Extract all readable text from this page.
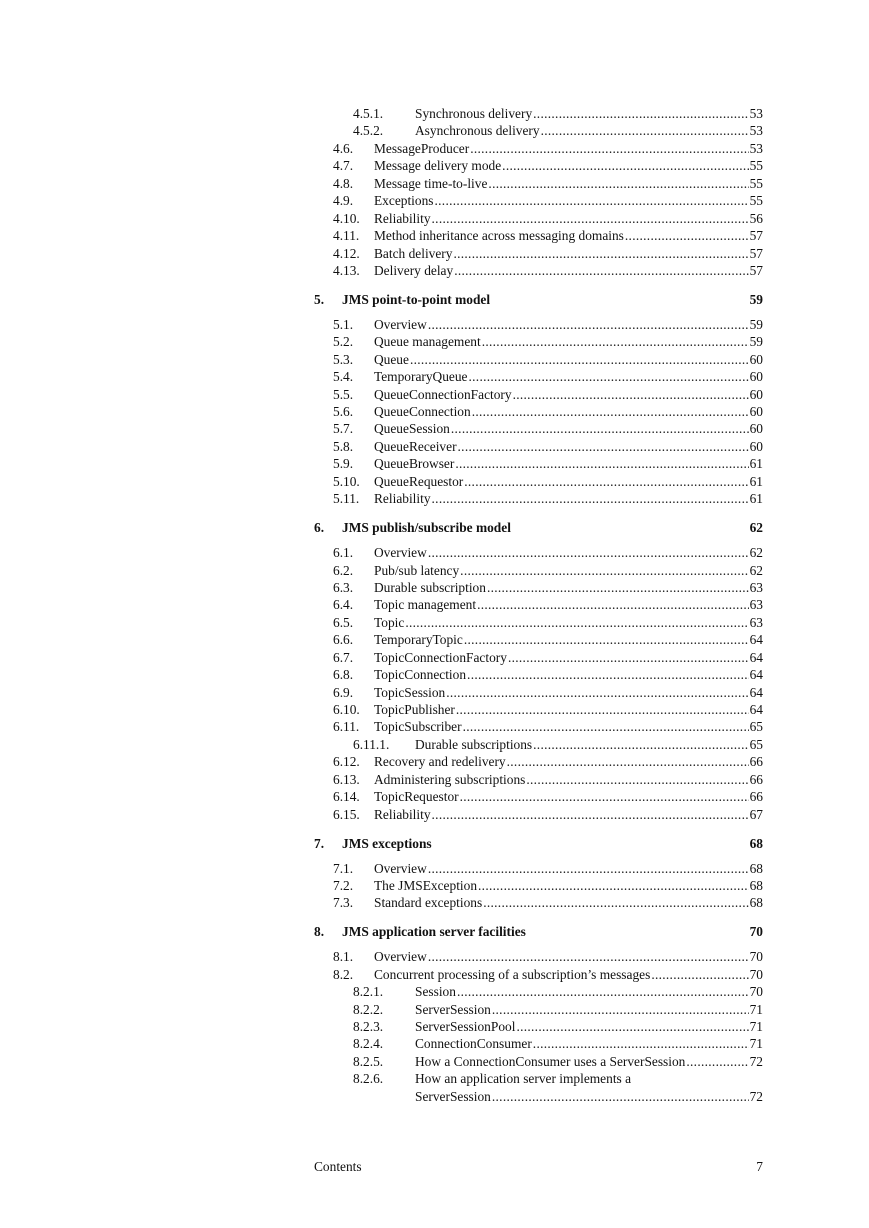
4.5.1. Synchronous delivery .....	53
4.5.2. Asynchronous delivery .....	53
4.6. MessageProducer .....	53
4.7. Message delivery mode .....	55
4.8. Message time-to-live .....	55
4.9. Exceptions .....	55
4.10. Reliability .....	56
4.11. Method inheritance across messaging domains .....	57
4.12. Batch delivery .....	57
4.13. Delivery delay .....	57
5. JMS point-to-point model	59
5.1. Overview .....	59
5.2. Queue management .....	59
5.3. Queue .....	60
5.4. TemporaryQueue .....	60
5.5. QueueConnectionFactory .....	60
5.6. QueueConnection .....	60
5.7. QueueSession .....	60
5.8. QueueReceiver .....	60
5.9. QueueBrowser .....	61
5.10. QueueRequestor .....	61
5.11. Reliability .....	61
6. JMS publish/subscribe model	62
6.1. Overview .....	62
6.2. Pub/sub latency .....	62
6.3. Durable subscription .....	63
6.4. Topic management .....	63
6.5. Topic .....	63
6.6. TemporaryTopic .....	64
6.7. TopicConnectionFactory .....	64
6.8. TopicConnection .....	64
6.9. TopicSession .....	64
6.10. TopicPublisher .....	64
6.11. TopicSubscriber .....	65
6.11.1. Durable subscriptions .....	65
6.12. Recovery and redelivery .....	66
6.13. Administering subscriptions .....	66
6.14. TopicRequestor .....	66
6.15. Reliability .....	67
7. JMS exceptions	68
7.1. Overview .....	68
7.2. The JMSException .....	68
7.3. Standard exceptions .....	68
8. JMS application server facilities	70
8.1. Overview .....	70
8.2. Concurrent processing of a subscription’s messages .....	70
8.2.1. Session .....	70
8.2.2. ServerSession .....	71
8.2.3. ServerSessionPool .....	71
8.2.4. ConnectionConsumer .....	71
8.2.5. How a ConnectionConsumer uses a ServerSession .....	72
8.2.6. How an application server implements a
ServerSession .....	72
Contents	7
